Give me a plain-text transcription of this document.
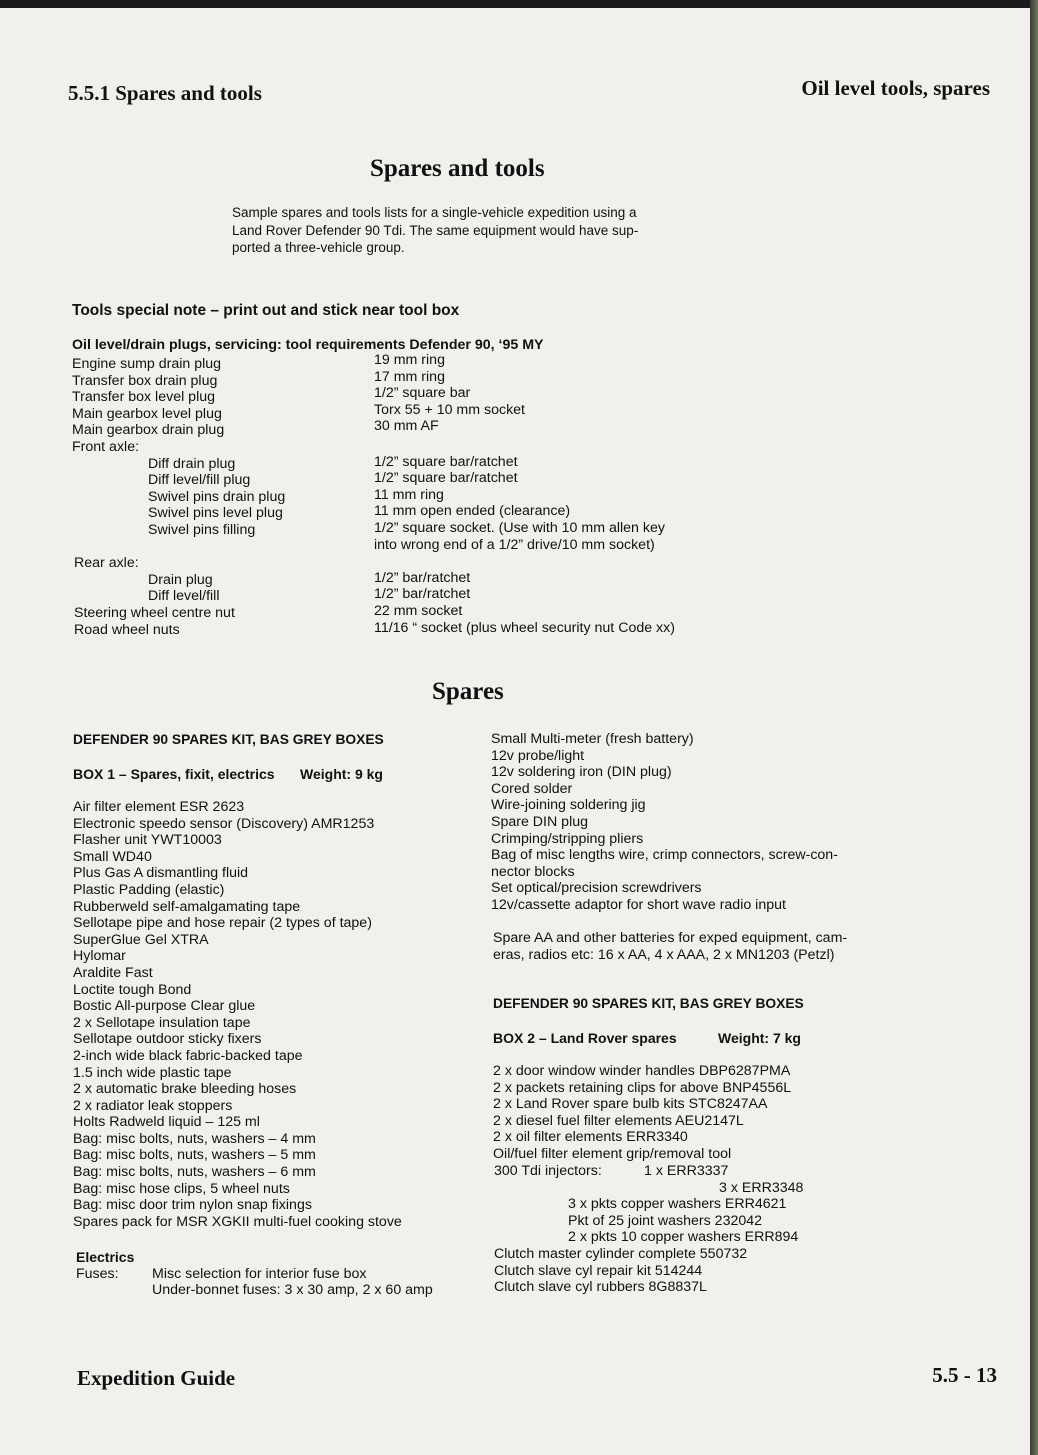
5.5.1 Spares and tools	Oil level tools, spares
Spares and tools
Sample spares and tools lists for a single-vehicle expedition using a
Land Rover Defender 90 Tdi. The same equipment would have sup-
ported a three-vehicle group.
Tools special note – print out and stick near tool box
Oil level/drain plugs, servicing: tool requirements Defender 90, ‘95 MY
Engine sump drain plug	19 mm ring
Transfer box drain plug	17 mm ring
Transfer box level plug	1/2” square bar
Main gearbox level plug	Torx 55 + 10 mm socket
Main gearbox drain plug	30 mm AF
Front axle:
Diff drain plug	1/2” square bar/ratchet
Diff level/fill plug	1/2” square bar/ratchet
Swivel pins drain plug	11 mm ring
Swivel pins level plug	11 mm open ended (clearance)
Swivel pins filling	1/2” square socket. (Use with 10 mm allen key
into wrong end of a 1/2” drive/10 mm socket)
Rear axle:
Drain plug	1/2” bar/ratchet
Diff level/fill	1/2” bar/ratchet
Steering wheel centre nut	22 mm socket
Road wheel nuts	11/16 “ socket (plus wheel security nut Code xx)
Spares
DEFENDER 90 SPARES KIT, BAS GREY BOXES
BOX 1 – Spares, fixit, electrics Weight: 9 kg
Air filter element ESR 2623
Electronic speedo sensor (Discovery) AMR1253
Flasher unit YWT10003
Small WD40
Plus Gas A dismantling fluid
Plastic Padding (elastic)
Rubberweld self-amalgamating tape
Sellotape pipe and hose repair (2 types of tape)
SuperGlue Gel XTRA
Hylomar
Araldite Fast
Loctite tough Bond
Bostic All-purpose Clear glue
2 x Sellotape insulation tape
Sellotape outdoor sticky fixers
2-inch wide black fabric-backed tape
1.5 inch wide plastic tape
2 x automatic brake bleeding hoses
2 x radiator leak stoppers
Holts Radweld liquid – 125 ml
Bag: misc bolts, nuts, washers – 4 mm
Bag: misc bolts, nuts, washers – 5 mm
Bag: misc bolts, nuts, washers – 6 mm
Bag: misc hose clips, 5 wheel nuts
Bag: misc door trim nylon snap fixings
Spares pack for MSR XGKII multi-fuel cooking stove
Electrics
Fuses: Misc selection for interior fuse box
Under-bonnet fuses: 3 x 30 amp, 2 x 60 amp
Small Multi-meter (fresh battery)
12v probe/light
12v soldering iron (DIN plug)
Cored solder
Wire-joining soldering jig
Spare DIN plug
Crimping/stripping pliers
Bag of misc lengths wire, crimp connectors, screw-con-
nector blocks
Set optical/precision screwdrivers
12v/cassette adaptor for short wave radio input
Spare AA and other batteries for exped equipment, cam-
eras, radios etc: 16 x AA, 4 x AAA, 2 x MN1203 (Petzl)
DEFENDER 90 SPARES KIT, BAS GREY BOXES
BOX 2 – Land Rover spares	Weight: 7 kg
2 x door window winder handles DBP6287PMA
2 x packets retaining clips for above BNP4556L
2 x Land Rover spare bulb kits STC8247AA
2 x diesel fuel filter elements AEU2147L
2 x oil filter elements ERR3340
Oil/fuel filter element grip/removal tool
300 Tdi injectors:	1 x ERR3337
3 x ERR3348
3 x pkts copper washers ERR4621
Pkt of 25 joint washers 232042
2 x pkts 10 copper washers ERR894
Clutch master cylinder complete 550732
Clutch slave cyl repair kit 514244
Clutch slave cyl rubbers 8G8837L
Expedition Guide	5.5 - 13
